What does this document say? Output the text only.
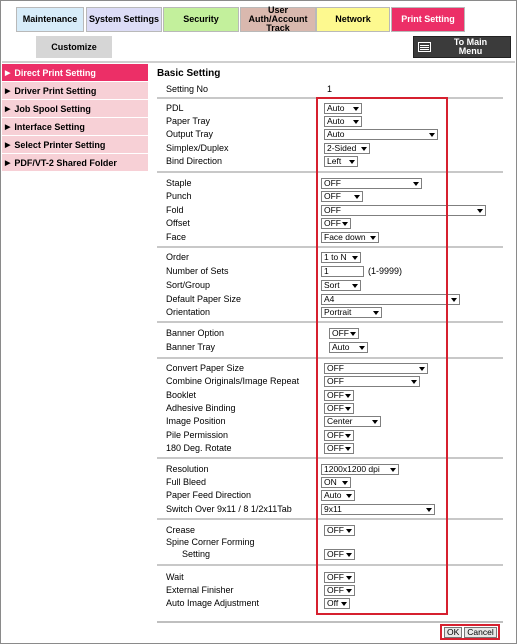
Maintenance System Settings	Security
User Auth/Account
Track
Network	Print Setting
Customize	To Main
Menu
▶ Direct Print Setting
▶ Driver Print Setting
▶ Job Spool Setting
▶ Interface Setting
▶ Select Printer Setting
▶ PDF/VT-2 Shared Folder
Basic Setting
Setting No	1
PDL	Auto
Paper Tray	Auto
Output Tray	Auto
Simplex/Duplex	2-Sided
Bind Direction	Left
Staple	OFF
Punch	OFF
Fold	OFF
Offset	OFF
Face	Face down
Order	1 to N
Number of Sets	1	(1-9999)
Sort/Group	Sort
Default Paper Size	A4
Orientation	Portrait
Banner Option	OFF
Banner Tray	Auto
Convert Paper Size	OFF
Combine Originals/Image Repeat	OFF
Booklet	OFF
Adhesive Binding	OFF
Image Position	Center
Pile Permission	OFF
180 Deg. Rotate	OFF
Resolution	1200x1200 dpi
Full Bleed	ON
Paper Feed Direction	Auto
Switch Over 9x11 / 8 1/2x11Tab	9x11
Crease	OFF
Spine Corner Forming
Setting	OFF
Wait	OFF
External Finisher	OFF
Auto Image Adjustment	Off
OK Cancel
